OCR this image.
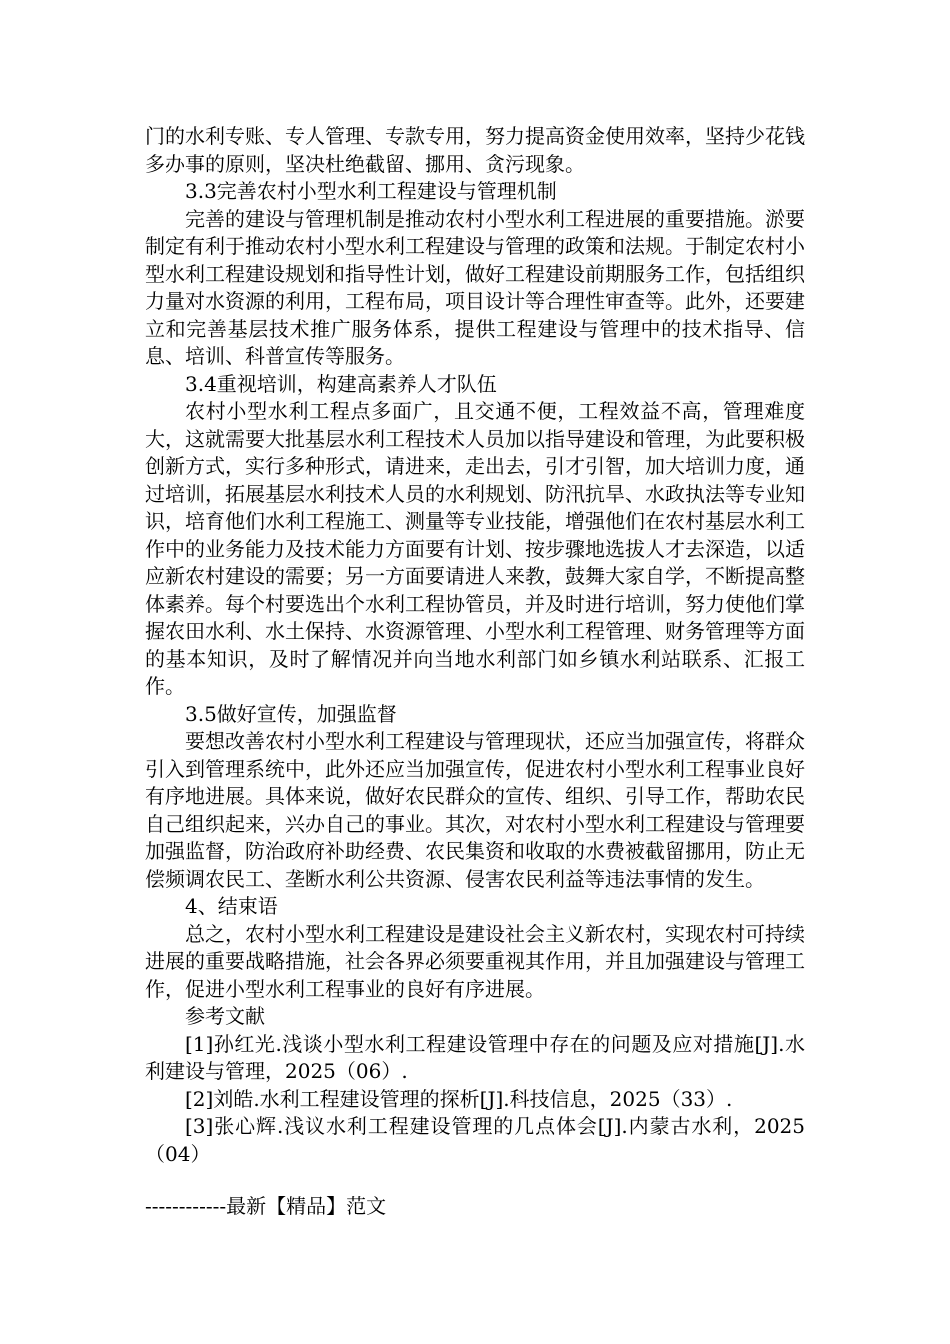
门的水利专账、专人管理、专款专用，努力提高资金使用效率，坚持少花钱多办事的原则，坚决杜绝截留、挪用、贪污现象。

3.3完善农村小型水利工程建设与管理机制

完善的建设与管理机制是推动农村小型水利工程进展的重要措施。淤要制定有利于推动农村小型水利工程建设与管理的政策和法规。于制定农村小型水利工程建设规划和指导性计划，做好工程建设前期服务工作，包括组织力量对水资源的利用，工程布局，项目设计等合理性审查等。此外，还要建立和完善基层技术推广服务体系，提供工程建设与管理中的技术指导、信息、培训、科普宣传等服务。

3.4重视培训，构建高素养人才队伍

农村小型水利工程点多面广，且交通不便，工程效益不高，管理难度大，这就需要大批基层水利工程技术人员加以指导建设和管理，为此要积极创新方式，实行多种形式，请进来，走出去，引才引智，加大培训力度，通过培训，拓展基层水利技术人员的水利规划、防汛抗旱、水政执法等专业知识，培育他们水利工程施工、测量等专业技能，增强他们在农村基层水利工作中的业务能力及技术能力方面要有计划、按步骤地选拔人才去深造，以适应新农村建设的需要；另一方面要请进人来教，鼓舞大家自学，不断提高整体素养。每个村要选出个水利工程协管员，并及时进行培训，努力使他们掌握农田水利、水土保持、水资源管理、小型水利工程管理、财务管理等方面的基本知识，及时了解情况并向当地水利部门如乡镇水利站联系、汇报工作。

3.5做好宣传，加强监督

要想改善农村小型水利工程建设与管理现状，还应当加强宣传，将群众引入到管理系统中，此外还应当加强宣传，促进农村小型水利工程事业良好有序地进展。具体来说，做好农民群众的宣传、组织、引导工作，帮助农民自己组织起来，兴办自己的事业。其次，对农村小型水利工程建设与管理要加强监督，防治政府补助经费、农民集资和收取的水费被截留挪用，防止无偿频调农民工、垄断水利公共资源、侵害农民利益等违法事情的发生。

4、结束语

总之，农村小型水利工程建设是建设社会主义新农村，实现农村可持续进展的重要战略措施，社会各界必须要重视其作用，并且加强建设与管理工作，促进小型水利工程事业的良好有序进展。

参考文献

[1]孙红光.浅谈小型水利工程建设管理中存在的问题及应对措施[J].水利建设与管理，2025（06）.

[2]刘皓.水利工程建设管理的探析[J].科技信息，2025（33）.

[3]张心辉.浅议水利工程建设管理的几点体会[J].内蒙古水利，2025（04）

------------最新【精品】范文
